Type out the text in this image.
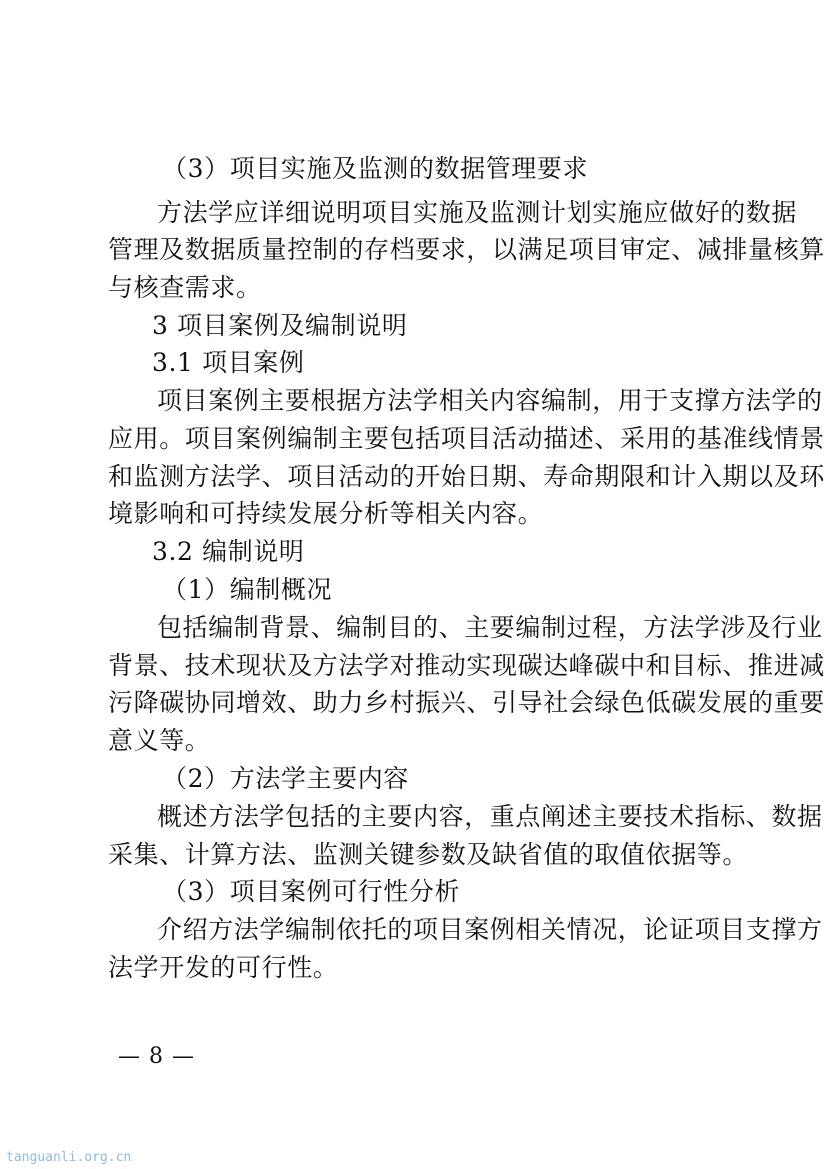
（3）项目实施及监测的数据管理要求
方法学应详细说明项目实施及监测计划实施应做好的数据
管理及数据质量控制的存档要求，以满足项目审定、减排量核算
与核查需求。
3 项目案例及编制说明
3.1 项目案例
项目案例主要根据方法学相关内容编制，用于支撑方法学的
应用。项目案例编制主要包括项目活动描述、采用的基准线情景
和监测方法学、项目活动的开始日期、寿命期限和计入期以及环
境影响和可持续发展分析等相关内容。
3.2 编制说明
（1）编制概况
包括编制背景、编制目的、主要编制过程，方法学涉及行业
背景、技术现状及方法学对推动实现碳达峰碳中和目标、推进减
污降碳协同增效、助力乡村振兴、引导社会绿色低碳发展的重要
意义等。
（2）方法学主要内容
概述方法学包括的主要内容，重点阐述主要技术指标、数据
采集、计算方法、监测关键参数及缺省值的取值依据等。
（3）项目案例可行性分析
介绍方法学编制依托的项目案例相关情况，论证项目支撑方
法学开发的可行性。
— 8 —
tanguanli.org.cn
